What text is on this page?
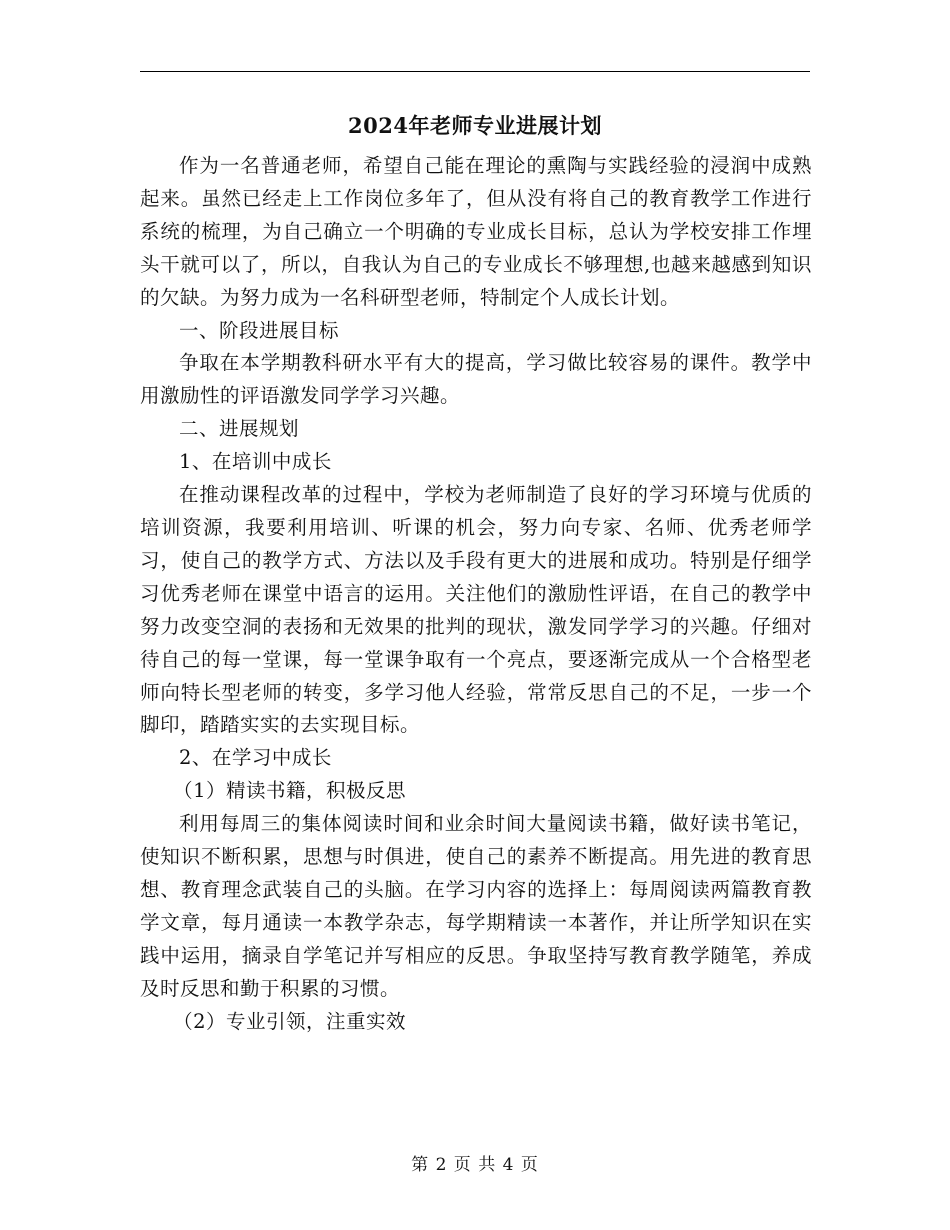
2024年老师专业进展计划

作为一名普通老师，希望自己能在理论的熏陶与实践经验的浸润中成熟起来。虽然已经走上工作岗位多年了，但从没有将自己的教育教学工作进行系统的梳理，为自己确立一个明确的专业成长目标，总认为学校安排工作埋头干就可以了，所以，自我认为自己的专业成长不够理想,也越来越感到知识的欠缺。为努力成为一名科研型老师，特制定个人成长计划。

一、阶段进展目标

争取在本学期教科研水平有大的提高，学习做比较容易的课件。教学中用激励性的评语激发同学学习兴趣。

二、进展规划

1、在培训中成长

在推动课程改革的过程中，学校为老师制造了良好的学习环境与优质的培训资源，我要利用培训、听课的机会，努力向专家、名师、优秀老师学习，使自己的教学方式、方法以及手段有更大的进展和成功。特别是仔细学习优秀老师在课堂中语言的运用。关注他们的激励性评语，在自己的教学中努力改变空洞的表扬和无效果的批判的现状，激发同学学习的兴趣。仔细对待自己的每一堂课，每一堂课争取有一个亮点，要逐渐完成从一个合格型老师向特长型老师的转变，多学习他人经验，常常反思自己的不足，一步一个脚印，踏踏实实的去实现目标。

2、在学习中成长

（1）精读书籍，积极反思

利用每周三的集体阅读时间和业余时间大量阅读书籍，做好读书笔记，使知识不断积累，思想与时俱进，使自己的素养不断提高。用先进的教育思想、教育理念武装自己的头脑。在学习内容的选择上：每周阅读两篇教育教学文章，每月通读一本教学杂志，每学期精读一本著作，并让所学知识在实践中运用，摘录自学笔记并写相应的反思。争取坚持写教育教学随笔，养成及时反思和勤于积累的习惯。

（2）专业引领，注重实效

第 2 页 共 4 页
